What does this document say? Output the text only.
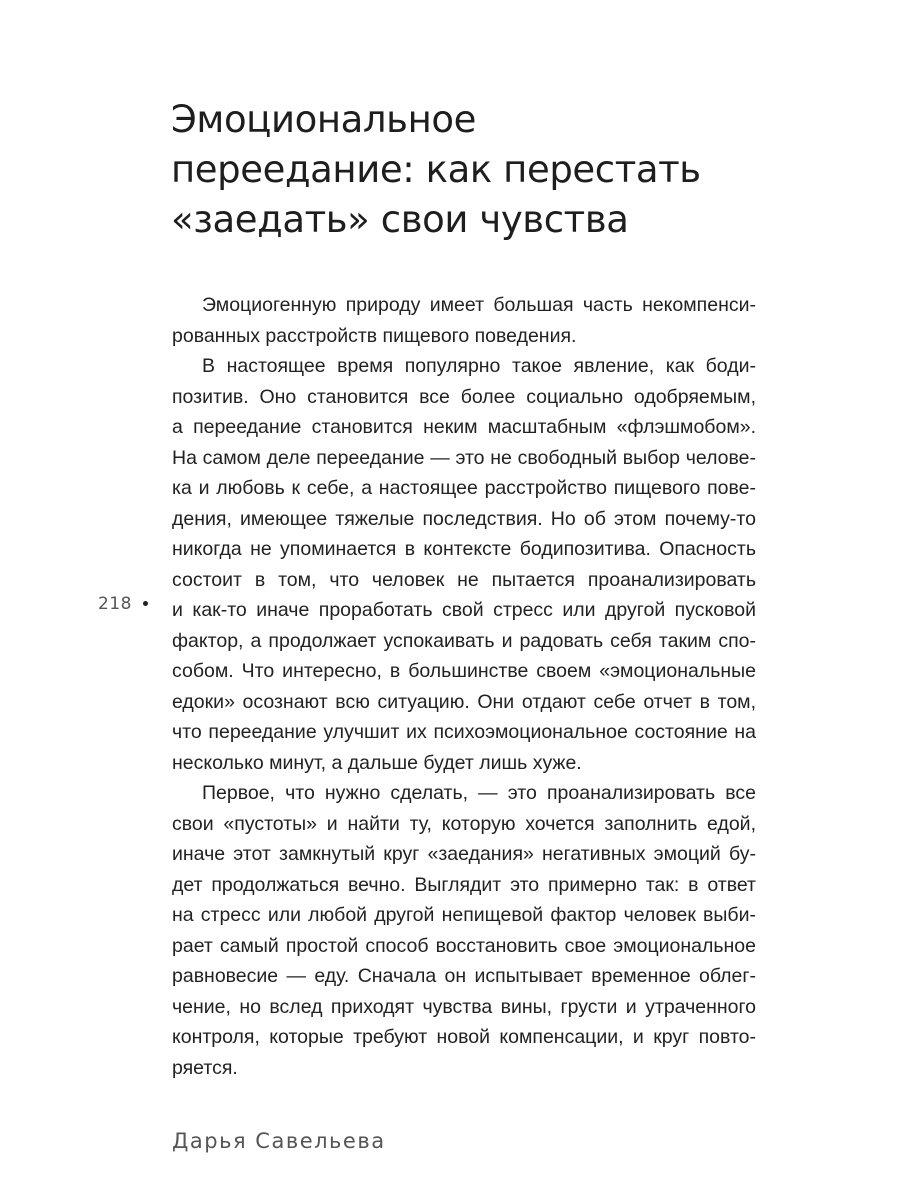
Эмоциональное
переедание: как перестать
«заедать» свои чувства

Эмоциогенную природу имеет большая часть некомпенси-
рованных расстройств пищевого поведения.

В настоящее время популярно такое явление, как боди-
позитив. Оно становится все более социально одобряемым,
а переедание становится неким масштабным «флэшмобом».
На самом деле переедание — это не свободный выбор челове-
ка и любовь к себе, а настоящее расстройство пищевого пове-
дения, имеющее тяжелые последствия. Но об этом почему-то
никогда не упоминается в контексте бодипозитива. Опасность
состоит в том, что человек не пытается проанализировать
и как-то иначе проработать свой стресс или другой пусковой
фактор, а продолжает успокаивать и радовать себя таким спо-
собом. Что интересно, в большинстве своем «эмоциональные
едоки» осознают всю ситуацию. Они отдают себе отчет в том,
что переедание улучшит их психоэмоциональное состояние на
несколько минут, а дальше будет лишь хуже.

Первое, что нужно сделать, — это проанализировать все
свои «пустоты» и найти ту, которую хочется заполнить едой,
иначе этот замкнутый круг «заедания» негативных эмоций бу-
дет продолжаться вечно. Выглядит это примерно так: в ответ
на стресс или любой другой непищевой фактор человек выби-
рает самый простой способ восстановить свое эмоциональное
равновесие — еду. Сначала он испытывает временное облег-
чение, но вслед приходят чувства вины, грусти и утраченного
контроля, которые требуют новой компенсации, и круг повто-
ряется.

218
Дарья Савельева
